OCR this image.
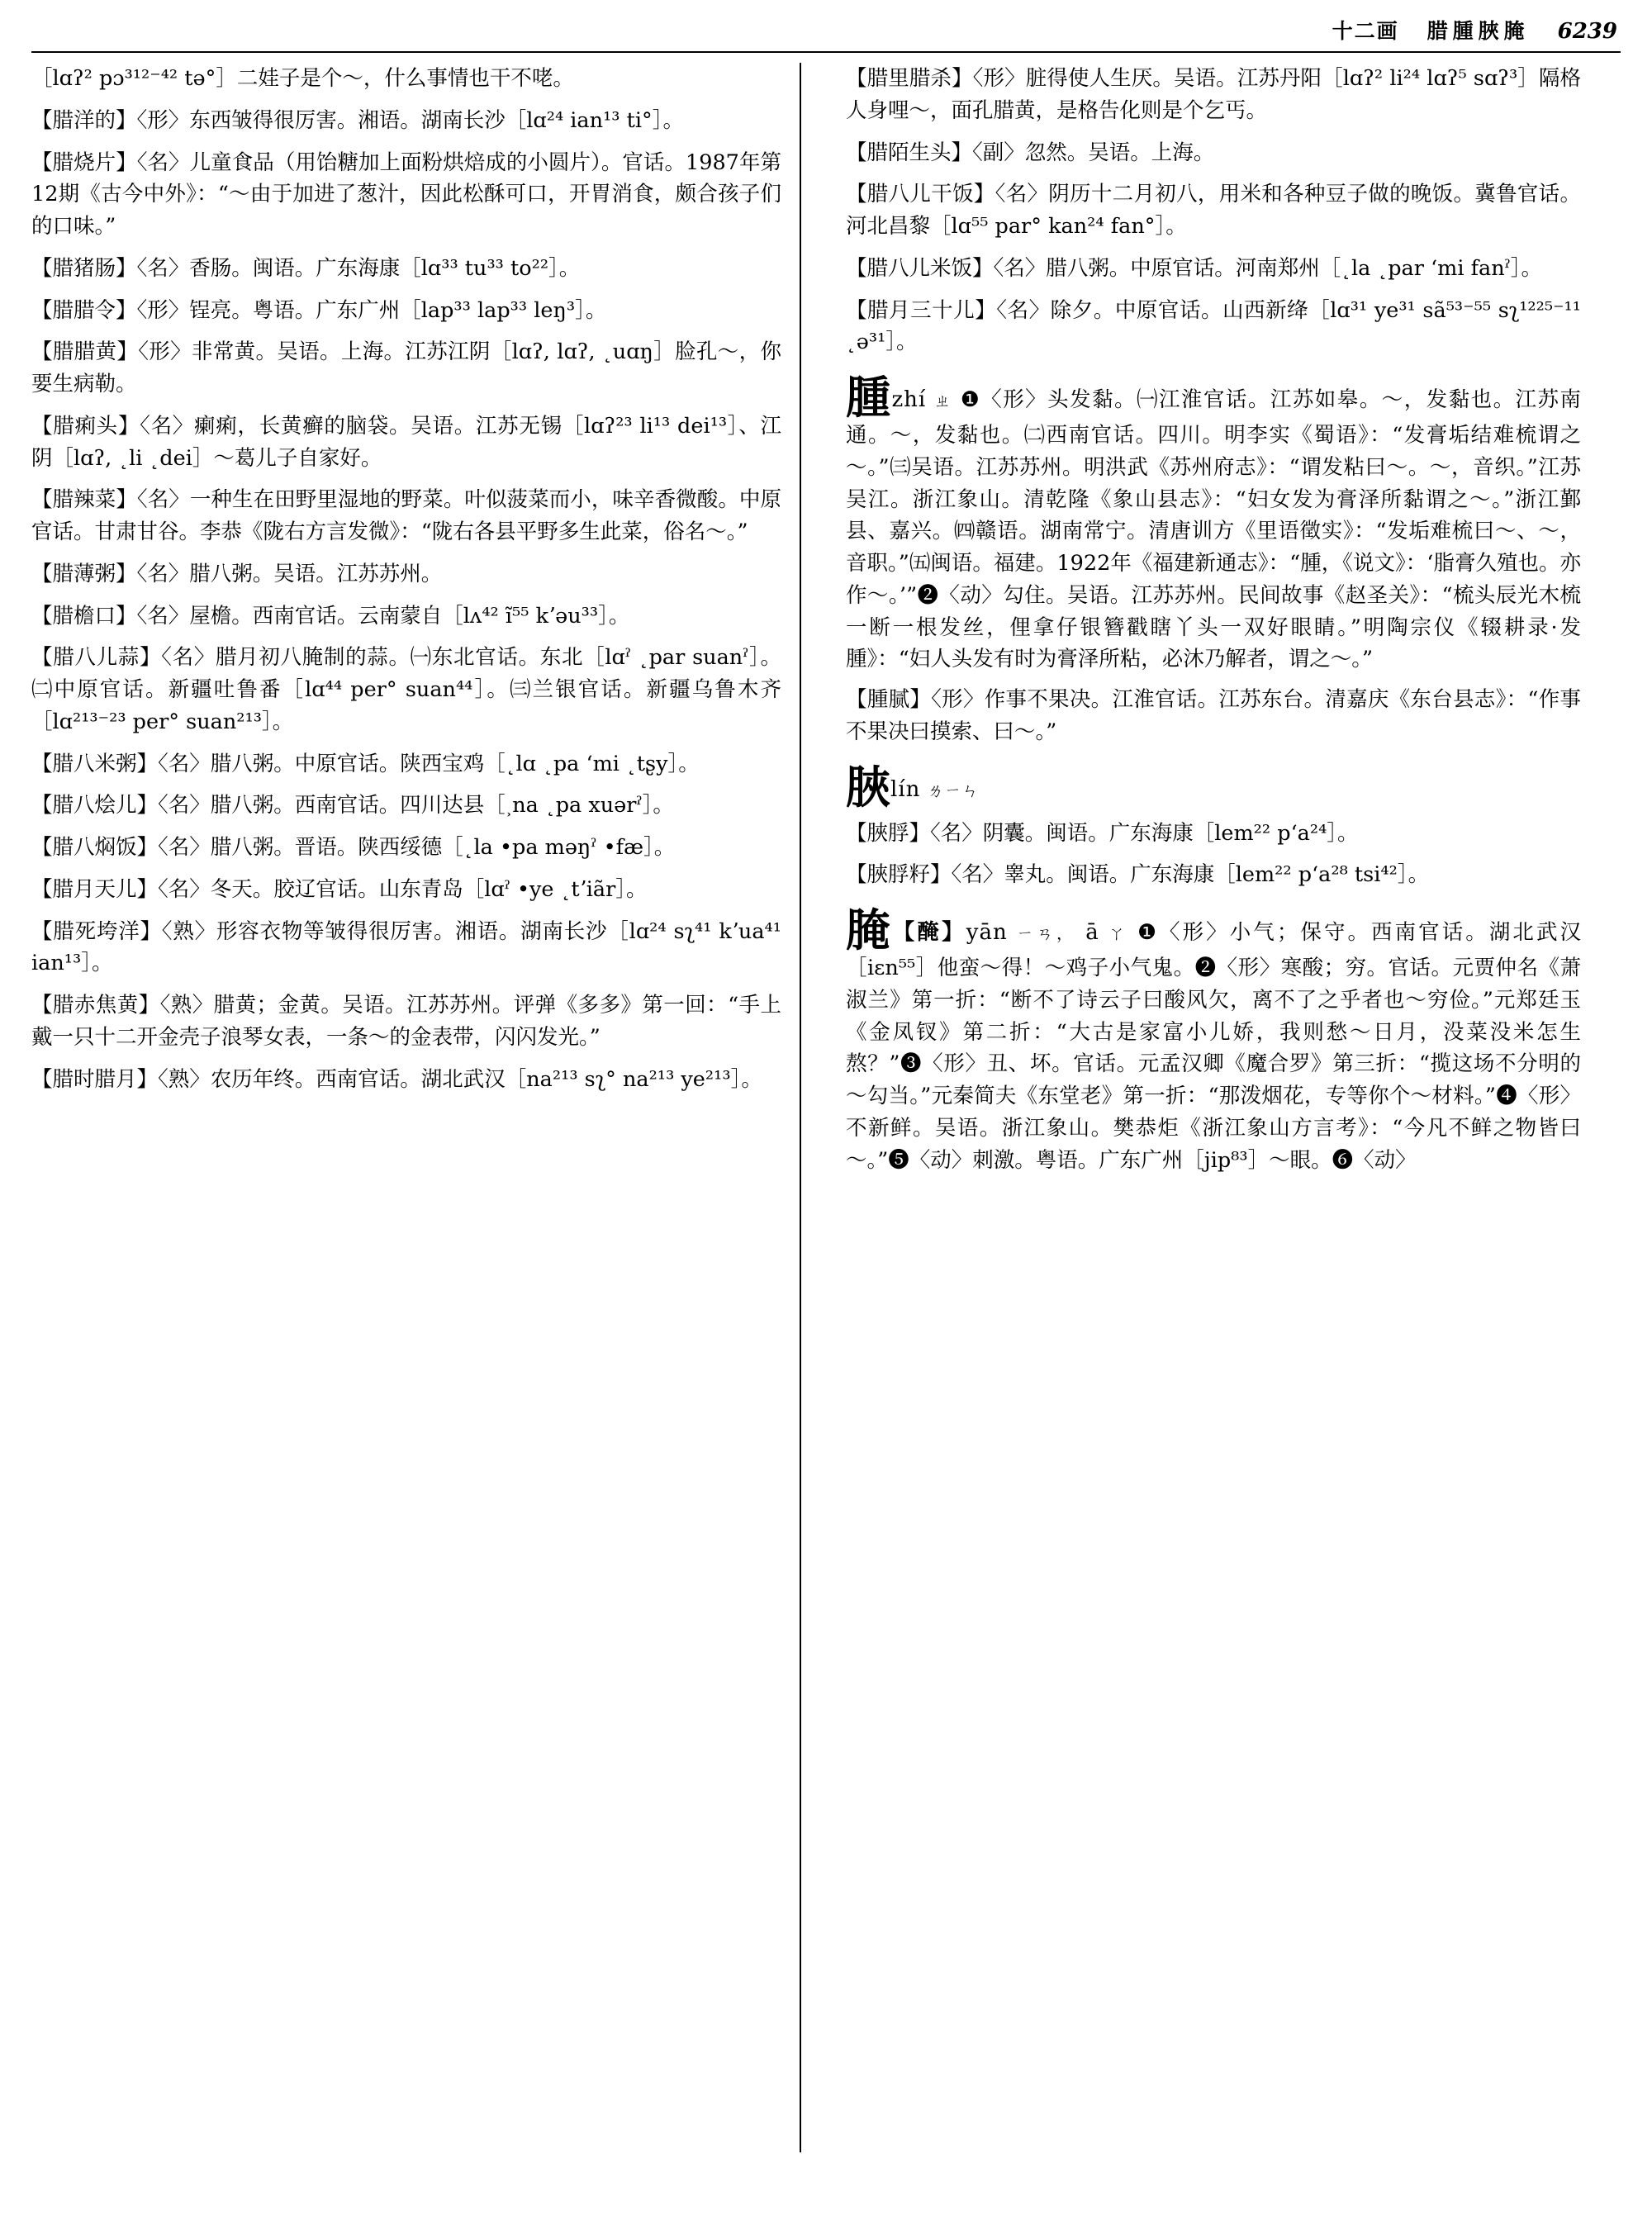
十二画 腊腫脥腌 6239

［lɑʔ² pɔ³¹²⁻⁴² tə°］二娃子是个～，什么事情也干不咾。

【腊洋的】〈形〉东西皱得很厉害。湘语。湖南长沙［lɑ²⁴ ian¹³ ti°］。

【腊烧片】〈名〉儿童食品（用饴糖加上面粉烘焙成的小圆片）。官话。1987年第12期《古今中外》：“～由于加进了葱汁，因此松酥可口，开胃消食，颇合孩子们的口味。”

【腊猪肠】〈名〉香肠。闽语。广东海康［lɑ³³ tu³³ to²²］。

【腊腊令】〈形〉锃亮。粤语。广东广州［lap³³ lap³³ leŋ³］。

【腊腊黄】〈形〉非常黄。吴语。上海。江苏江阴［lɑʔ, lɑʔ, ˛uɑŋ］脸孔～，你要生病勒。

【腊痢头】〈名〉瘌痢，长黄癣的脑袋。吴语。江苏无锡［lɑʔ²³ li¹³ dei¹³］、江阴［lɑʔ, ˛li ˛dei］～葛儿子自家好。

【腊辣菜】〈名〉一种生在田野里湿地的野菜。叶似菠菜而小，味辛香微酸。中原官话。甘肃甘谷。李恭《陇右方言发微》：“陇右各县平野多生此菜，俗名～。”

【腊薄粥】〈名〉腊八粥。吴语。江苏苏州。

【腊檐口】〈名〉屋檐。西南官话。云南蒙自［lʌ⁴² ĩ⁵⁵ kʼəu³³］。

【腊八儿蒜】〈名〉腊月初八腌制的蒜。㈠东北官话。东北［lɑˀ ˛par suanˀ］。㈡中原官话。新疆吐鲁番［lɑ⁴⁴ per° suan⁴⁴］。㈢兰银官话。新疆乌鲁木齐［lɑ²¹³⁻²³ per° suan²¹³］。

【腊八米粥】〈名〉腊八粥。中原官话。陕西宝鸡［˛lɑ ˛pa ʻmi ˛tʂy］。

【腊八烩儿】〈名〉腊八粥。西南官话。四川达县［˲na ˛pa xuərˀ］。

【腊八焖饭】〈名〉腊八粥。晋语。陕西绥德［˛la •pa məŋˀ •fæ］。

【腊月天儿】〈名〉冬天。胶辽官话。山东青岛［lɑˀ •ye ˛tʼiãr］。

【腊死垮洋】〈熟〉形容衣物等皱得很厉害。湘语。湖南长沙［lɑ²⁴ sʅ⁴¹ kʼua⁴¹ ian¹³］。

【腊赤焦黄】〈熟〉腊黄；金黄。吴语。江苏苏州。评弹《多多》第一回：“手上戴一只十二开金壳子浪琴女表，一条～的金表带，闪闪发光。”

【腊时腊月】〈熟〉农历年终。西南官话。湖北武汉［na²¹³ sʅ° na²¹³ ye²¹³］。

【腊里腊杀】〈形〉脏得使人生厌。吴语。江苏丹阳［lɑʔ² li²⁴ lɑʔ⁵ sɑʔ³］隔格人身哩～，面孔腊黄，是格告化则是个乞丐。

【腊陌生头】〈副〉忽然。吴语。上海。

【腊八儿干饭】〈名〉阴历十二月初八，用米和各种豆子做的晚饭。冀鲁官话。河北昌黎［lɑ⁵⁵ par° kan²⁴ fan°］。

【腊八儿米饭】〈名〉腊八粥。中原官话。河南郑州［˛la ˛par ʻmi fanˀ］。

【腊月三十儿】〈名〉除夕。中原官话。山西新绛［lɑ³¹ ye³¹ sã⁵³⁻⁵⁵ sʅ¹²²⁵⁻¹¹ ˛ə³¹］。

腫zhí ㄓ ❶〈形〉头发黏。㈠江淮官话。江苏如皋。～，发黏也。江苏南通。～，发黏也。㈡西南官话。四川。明李实《蜀语》：“发膏垢结难梳谓之～。”㈢吴语。江苏苏州。明洪武《苏州府志》：“谓发粘曰～。～，音织。”江苏吴江。浙江象山。清乾隆《象山县志》：“妇女发为膏泽所黏谓之～。”浙江鄞县、嘉兴。㈣赣语。湖南常宁。清唐训方《里语徵实》：“发垢难梳曰～、～，音职。”㈤闽语。福建。1922年《福建新通志》：“腫，《说文》：‘脂膏久殖也。亦作～。’”❷〈动〉勾住。吴语。江苏苏州。民间故事《赵圣关》：“梳头辰光木梳一断一根发丝，俚拿仔银簪戳瞎丫头一双好眼睛。”明陶宗仪《辍耕录·发腫》：“妇人头发有时为膏泽所粘，必沐乃解者，谓之～。”

【腫腻】〈形〉作事不果决。江淮官话。江苏东台。清嘉庆《东台县志》：“作事不果决曰摸索、曰～。”

脥lín ㄌㄧㄣ

【脥脬】〈名〉阴囊。闽语。广东海康［lem²² pʻa²⁴］。

【脥脬籽】〈名〉睾丸。闽语。广东海康［lem²² pʻa²⁸ tsi⁴²］。

腌【醃】yān ㄧㄢ， ā ㄚ ❶〈形〉小气；保守。西南官话。湖北武汉［iɛn⁵⁵］他蛮～得！～鸡子小气鬼。❷〈形〉寒酸；穷。官话。元贾仲名《萧淑兰》第一折：“断不了诗云子曰酸风欠，离不了之乎者也～穷俭。”元郑廷玉《金凤钗》第二折：“大古是家富小儿娇，我则愁～日月，没菜没米怎生熬？”❸〈形〉丑、坏。官话。元孟汉卿《魔合罗》第三折：“揽这场不分明的～勾当。”元秦简夫《东堂老》第一折：“那泼烟花，专等你个～材料。”❹〈形〉不新鲜。吴语。浙江象山。樊恭炬《浙江象山方言考》：“今凡不鲜之物皆曰～。”❺〈动〉刺激。粤语。广东广州［jip⁸³］～眼。❻〈动〉
